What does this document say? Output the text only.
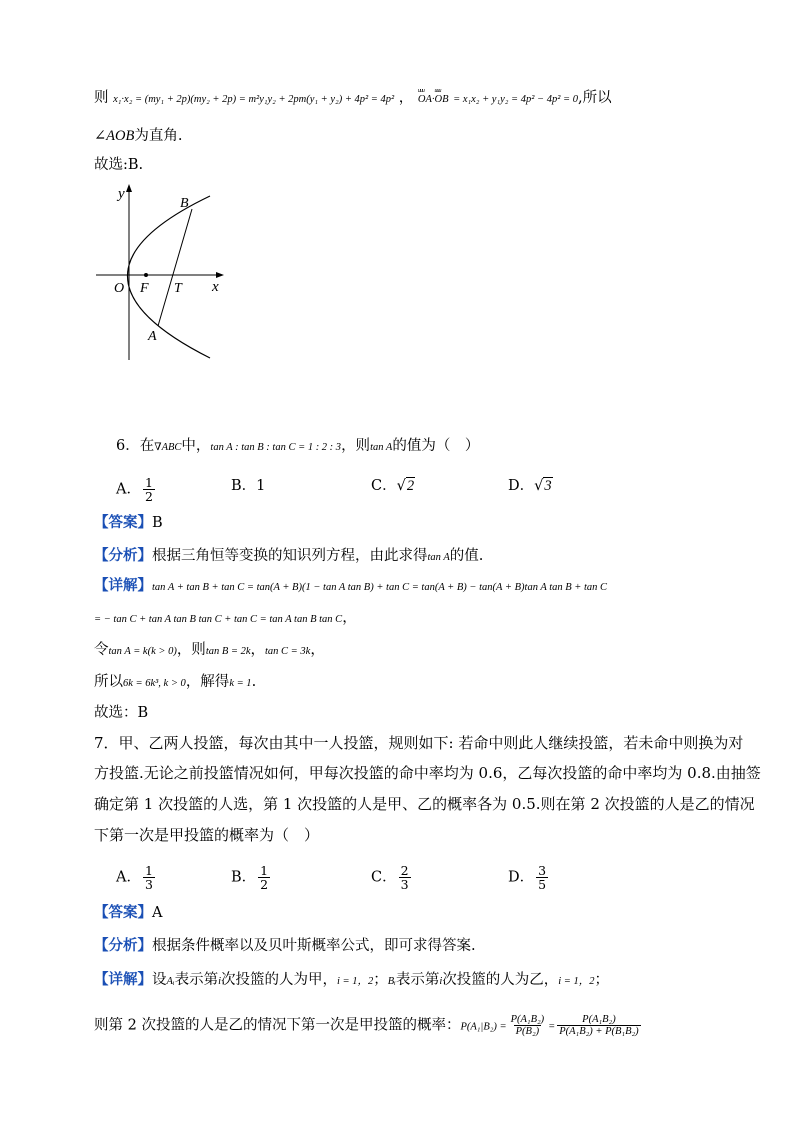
则 x₁·x₂ = (my₁ + 2p)(my₂ + 2p) = m²y₁y₂ + 2pm(y₁ + y₂) + 4p² = 4p² ， uuu OA·uuu OB = x₁x₂ + y₁y₂ = 4p² − 4p² = 0,所以
∠AOB为直角.
故选:B.
y
B
O F T x
A
6．在∇ABC中，tan A : tan B : tan C = 1 : 2 : 3，则tan A的值为（　）
A． $\frac{1}{2}$	B．1	C．√2	D．√3
【答案】B
【分析】根据三角恒等变换的知识列方程，由此求得tan A的值.
【详解】tan A + tan B + tan C = tan(A + B)(1 − tan A tan B) + tan C = tan(A + B) − tan(A + B)tan A tan B + tan C
= − tan C + tan A tan B tan C + tan C = tan A tan B tan C，
令tan A = k(k > 0)，则tan B = 2k，tan C = 3k，
所以6k = 6k³, k > 0，解得k = 1.
故选：B
7．甲、乙两人投篮，每次由其中一人投篮，规则如下: 若命中则此人继续投篮，若未命中则换为对
方投篮.无论之前投篮情况如何，甲每次投篮的命中率均为 0.6，乙每次投篮的命中率均为 0.8.由抽签
确定第 1 次投篮的人选，第 1 次投篮的人是甲、乙的概率各为 0.5.则在第 2 次投篮的人是乙的情况
下第一次是甲投篮的概率为（　）
A． $\frac{1}{3}$	B． $\frac{1}{2}$	C． $\frac{2}{3}$	D． $\frac{3}{5}$
【答案】A
【分析】根据条件概率以及贝叶斯概率公式，即可求得答案.
【详解】设Aᵢ表示第i次投篮的人为甲，i = 1，2；Bᵢ表示第i次投篮的人为乙，i = 1，2；
则第 2 次投篮的人是乙的情况下第一次是甲投篮的概率：$P(A_1|B_2) = \frac{\text{P(A₁B₂)}}{\text{P(B₂)}} = \frac{\text{P(A₁B₂)}}{\text{P(A₁B₂) + P(B₁B₂)}}$
